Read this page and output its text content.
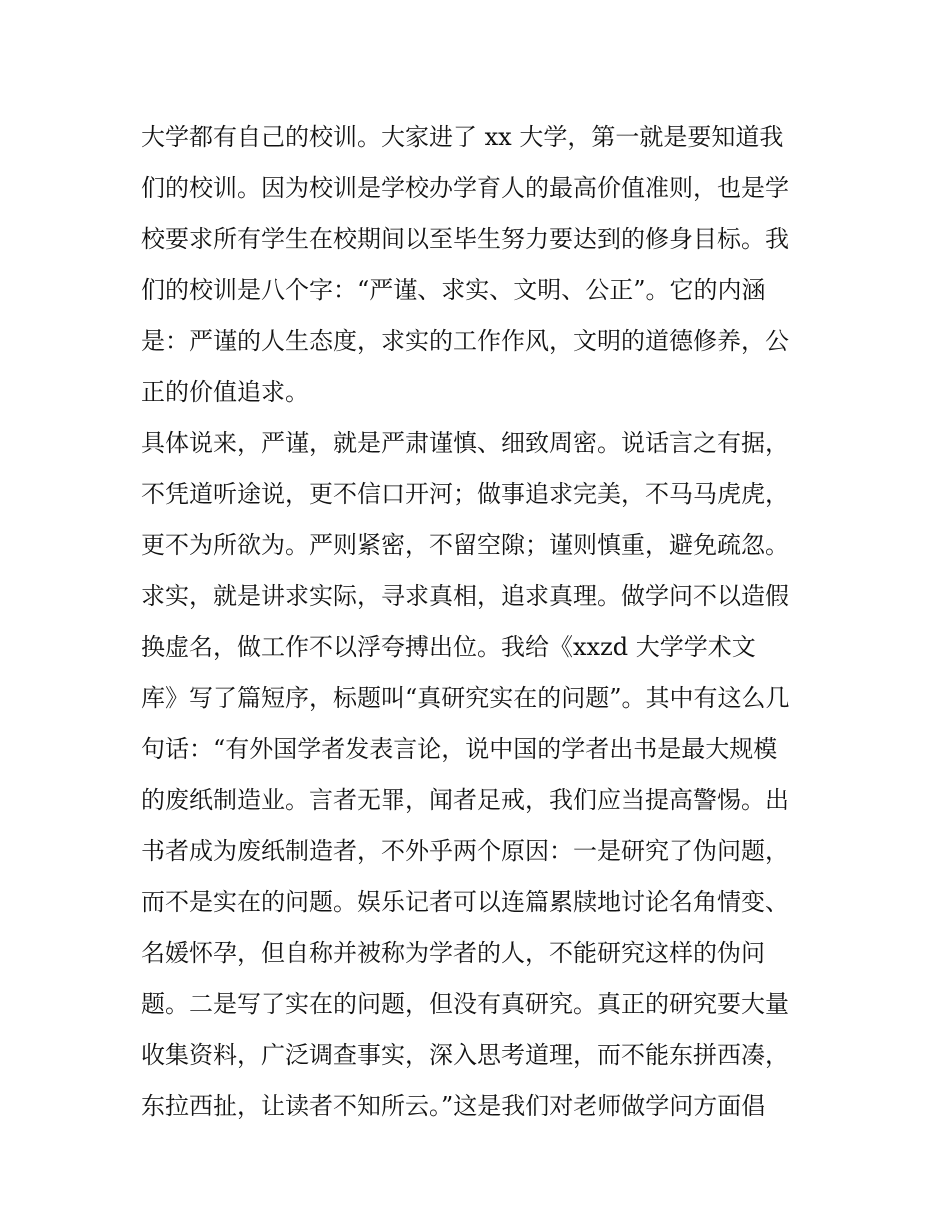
大学都有自己的校训。大家进了 xx 大学，第一就是要知道我
们的校训。因为校训是学校办学育人的最高价值准则，也是学
校要求所有学生在校期间以至毕生努力要达到的修身目标。我
们的校训是八个字：“严谨、求实、文明、公正”。它的内涵
是：严谨的人生态度，求实的工作作风，文明的道德修养，公
正的价值追求。
具体说来，严谨，就是严肃谨慎、细致周密。说话言之有据，
不凭道听途说，更不信口开河；做事追求完美，不马马虎虎，
更不为所欲为。严则紧密，不留空隙；谨则慎重，避免疏忽。
求实，就是讲求实际，寻求真相，追求真理。做学问不以造假
换虚名，做工作不以浮夸搏出位。我给《xxzd 大学学术文
库》写了篇短序，标题叫“真研究实在的问题”。其中有这么几
句话：“有外国学者发表言论，说中国的学者出书是最大规模
的废纸制造业。言者无罪，闻者足戒，我们应当提高警惕。出
书者成为废纸制造者，不外乎两个原因：一是研究了伪问题，
而不是实在的问题。娱乐记者可以连篇累牍地讨论名角情变、
名媛怀孕，但自称并被称为学者的人，不能研究这样的伪问
题。二是写了实在的问题，但没有真研究。真正的研究要大量
收集资料，广泛调查事实，深入思考道理，而不能东拼西凑，
东拉西扯，让读者不知所云。”这是我们对老师做学问方面倡
